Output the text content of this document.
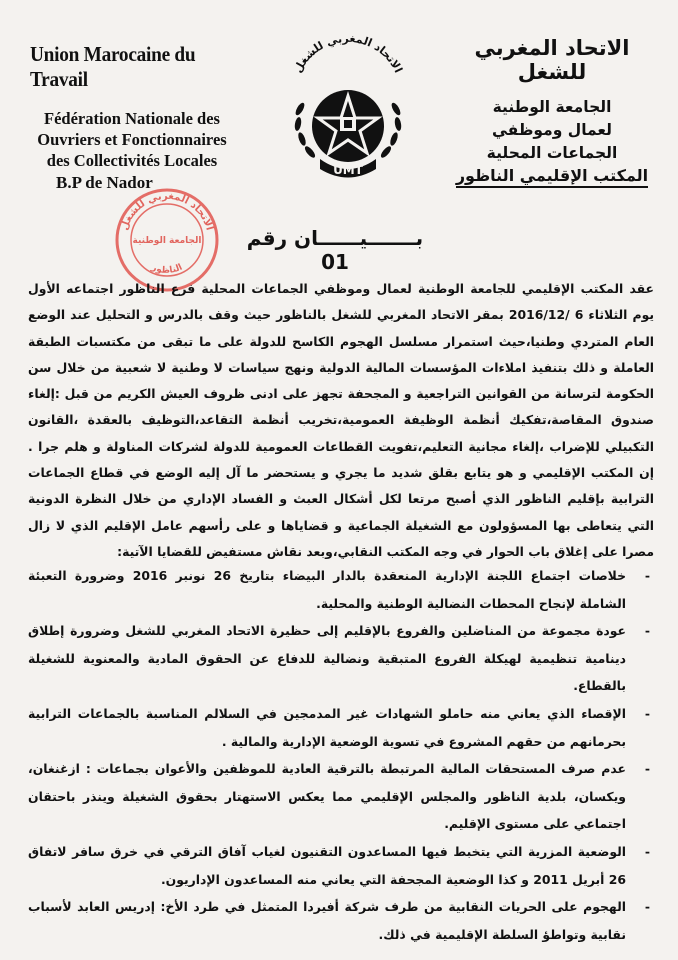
Union Marocaine du Travail
Fédération Nationale des
Ouvriers et Fonctionnaires
des Collectivités Locales
B.P de Nador
الاتحاد المغربي للشغل
UMT
الاتحاد المغربي للشغل
الجامعة الوطنية
لعمال وموظفي
الجماعات المحلية
المكتب الإقليمي الناظور
الاتحاد المغربي للشغل
الجامعة الوطنية
الناظور
بـــــــيــــــان رقم 01
عقد المكتب الإقليمي للجامعة الوطنية لعمال وموظفي الجماعات المحلية فرع الناظور اجتماعه الأول يوم الثلاثاء 6 /2016/12 بمقر الاتحاد المغربي للشغل بالناظور حيث وقف بالدرس و التحليل عند الوضع العام المتردي وطنيا،حيث استمرار مسلسل الهجوم الكاسح للدولة على ما تبقى من مكتسبات الطبقة العاملة و ذلك بتنفيذ املاءات المؤسسات المالية الدولية ونهج سياسات لا وطنية لا شعبية من خلال سن الحكومة لترسانة من القوانين التراجعية و المجحفة تجهز على ادنى ظروف العيش الكريم من قبل :إلغاء صندوق المقاصة،تفكيك أنظمة الوظيفة العمومية،تخريب أنظمة التقاعد،التوظيف بالعقدة ،القانون التكبيلي للإضراب ،إلغاء مجانية التعليم،تفويت القطاعات العمومية للدولة لشركات المناولة و هلم جرا . إن المكتب الإقليمي و هو يتابع بقلق شديد ما يجري و يستحضر ما آل إليه الوضع في قطاع الجماعات الترابية بإقليم الناظور الذي أصبح مرتعا لكل أشكال العبث و الفساد الإداري من خلال النظرة الدونية التي يتعاطى بها المسؤولون مع الشغيلة الجماعية و قضاياها و على رأسهم عامل الإقليم الذي لا زال مصرا على إغلاق باب الحوار في وجه المكتب النقابي،وبعد نقاش مستفيض للقضايا الآتية:
- خلاصات اجتماع اللجنة الإدارية المنعقدة بالدار البيضاء بتاريخ 26 نونبر 2016 وضرورة التعبئة الشاملة لإنجاح المحطات النضالية الوطنية والمحلية.
- عودة مجموعة من المناضلين والفروع بالإقليم إلى حظيرة الاتحاد المغربي للشغل وضرورة إطلاق دينامية تنظيمية لهيكلة الفروع المتبقية ونضالية للدفاع عن الحقوق المادية والمعنوية للشغيلة بالقطاع.
- الإقصاء الذي يعاني منه حاملو الشهادات غير المدمجين في السلالم المناسبة بالجماعات الترابية بحرمانهم من حقهم المشروع في تسوية الوضعية الإدارية والمالية .
- عدم صرف المستحقات المالية المرتبطة بالترقية العادية للموظفين والأعوان بجماعات : ازغنغان، ويكسان، بلدية الناظور والمجلس الإقليمي مما يعكس الاستهتار بحقوق الشغيلة وينذر باحتقان اجتماعي على مستوى الإقليم.
- الوضعية المزرية التي يتخبط فيها المساعدون التقنيون لغياب آفاق الترقي في خرق سافر لاتفاق 26 أبريل 2011 و كذا الوضعية المجحفة التي يعاني منه المساعدون الإداريون.
- الهجوم على الحريات النقابية من طرف شركة أفيردا المتمثل في طرد الأخ: إدريس العابد لأسباب نقابية وتواطؤ السلطة الإقليمية في ذلك.
